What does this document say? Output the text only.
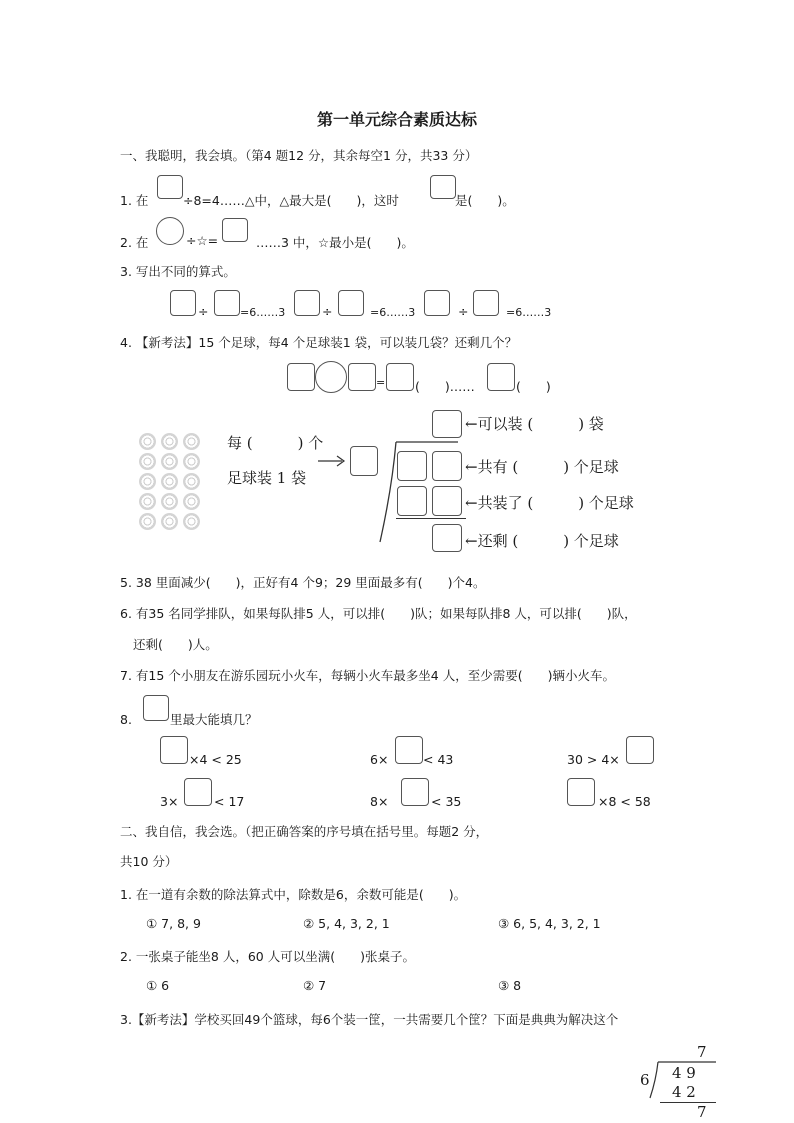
第一单元综合素质达标
一、我聪明，我会填。（第4 题12 分，其余每空1 分，共33 分）
1. 在	÷8=4……△中，△最大是(　　)，这时	是(　　)。
2. 在	÷☆=	……3 中，☆最小是(　　)。
3. 写出不同的算式。
÷	=6……3	÷	=6……3	÷	=6……3
4. 【新考法】15 个足球，每4 个足球装1 袋，可以装几袋？还剩几个？
= (　　)……	(　　)
每 (　　　) 个
足球装 1 袋
←可以装 (　　　) 袋
←共有 (　　　) 个足球
←共装了 (　　　) 个足球
←还剩 (　　　) 个足球
5. 38 里面减少(　　)，正好有4 个9；29 里面最多有(　　)个4。
6. 有35 名同学排队，如果每队排5 人，可以排(　　)队；如果每队排8 人，可以排(　　)队，
还剩(　　)人。
7. 有15 个小朋友在游乐园玩小火车，每辆小火车最多坐4 人，至少需要(　　)辆小火车。
8.	里最大能填几？
×4 < 25	6×	< 43	30 > 4×
3×	< 17	8×	< 35	×8 < 58
二、我自信，我会选。（把正确答案的序号填在括号里。每题2 分，
共10 分）
1. 在一道有余数的除法算式中，除数是6，余数可能是(　　)。
① 7, 8, 9	② 5, 4, 3, 2, 1	③ 6, 5, 4, 3, 2, 1
2. 一张桌子能坐8 人，60 人可以坐满(　　)张桌子。
① 6	② 7	③ 8
3.【新考法】学校买回49个篮球，每6个装一筐，一共需要几个筐？下面是典典为解决这个
7
6 4 9
4 2
7
